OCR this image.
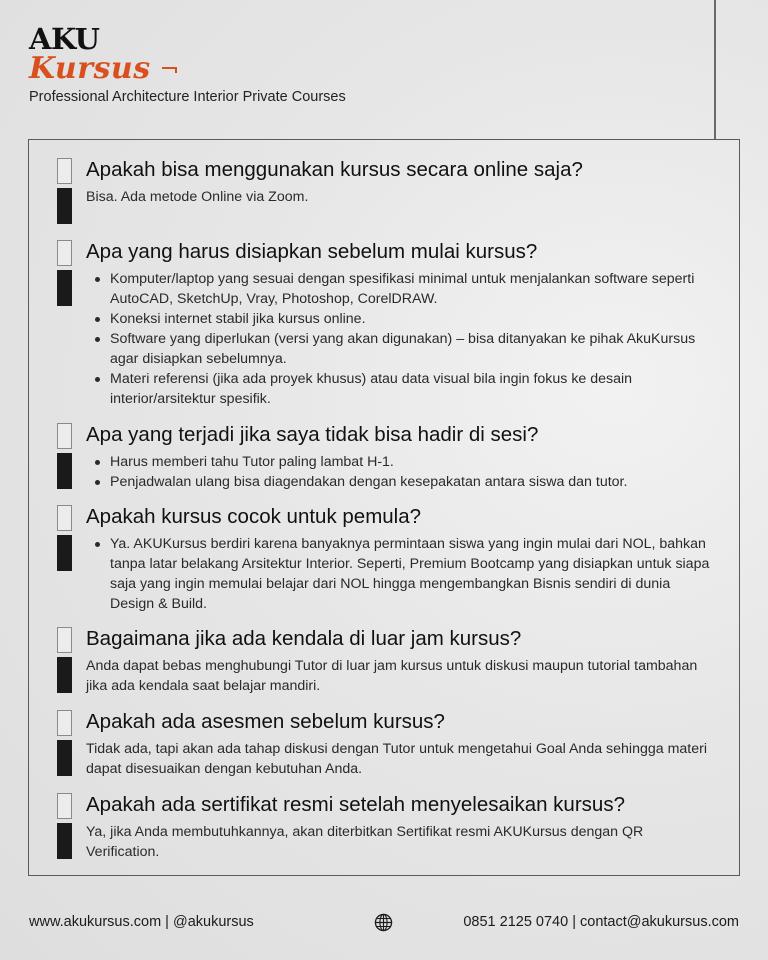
AKU
Kursus
Professional Architecture Interior Private Courses
Apakah bisa menggunakan kursus secara online saja?
Bisa. Ada metode Online via Zoom.
Apa yang harus disiapkan sebelum mulai kursus?
Komputer/laptop yang sesuai dengan spesifikasi minimal untuk menjalankan software seperti AutoCAD, SketchUp, Vray, Photoshop, CorelDRAW.
Koneksi internet stabil jika kursus online.
Software yang diperlukan (versi yang akan digunakan) – bisa ditanyakan ke pihak AkuKursus agar disiapkan sebelumnya.
Materi referensi (jika ada proyek khusus) atau data visual bila ingin fokus ke desain interior/arsitektur spesifik.
Apa yang terjadi jika saya tidak bisa hadir di sesi?
Harus memberi tahu Tutor paling lambat H-1.
Penjadwalan ulang bisa diagendakan dengan kesepakatan antara siswa dan tutor.
Apakah kursus cocok untuk pemula?
Ya. AKUKursus berdiri karena banyaknya permintaan siswa yang ingin mulai dari NOL, bahkan tanpa latar belakang Arsitektur Interior. Seperti, Premium Bootcamp yang disiapkan untuk siapa saja yang ingin memulai belajar dari NOL hingga mengembangkan Bisnis sendiri di dunia Design & Build.
Bagaimana jika ada kendala di luar jam kursus?
Anda dapat bebas menghubungi Tutor di luar jam kursus untuk diskusi maupun tutorial tambahan jika ada kendala saat belajar mandiri.
Apakah ada asesmen sebelum kursus?
Tidak ada, tapi akan ada tahap diskusi dengan Tutor untuk mengetahui Goal Anda sehingga materi dapat disesuaikan dengan kebutuhan Anda.
Apakah ada sertifikat resmi setelah menyelesaikan kursus?
Ya, jika Anda membutuhkannya, akan diterbitkan Sertifikat resmi AKUKursus dengan QR Verification.
www.akukursus.com | @akukursus	0851 2125 0740 | contact@akukursus.com
